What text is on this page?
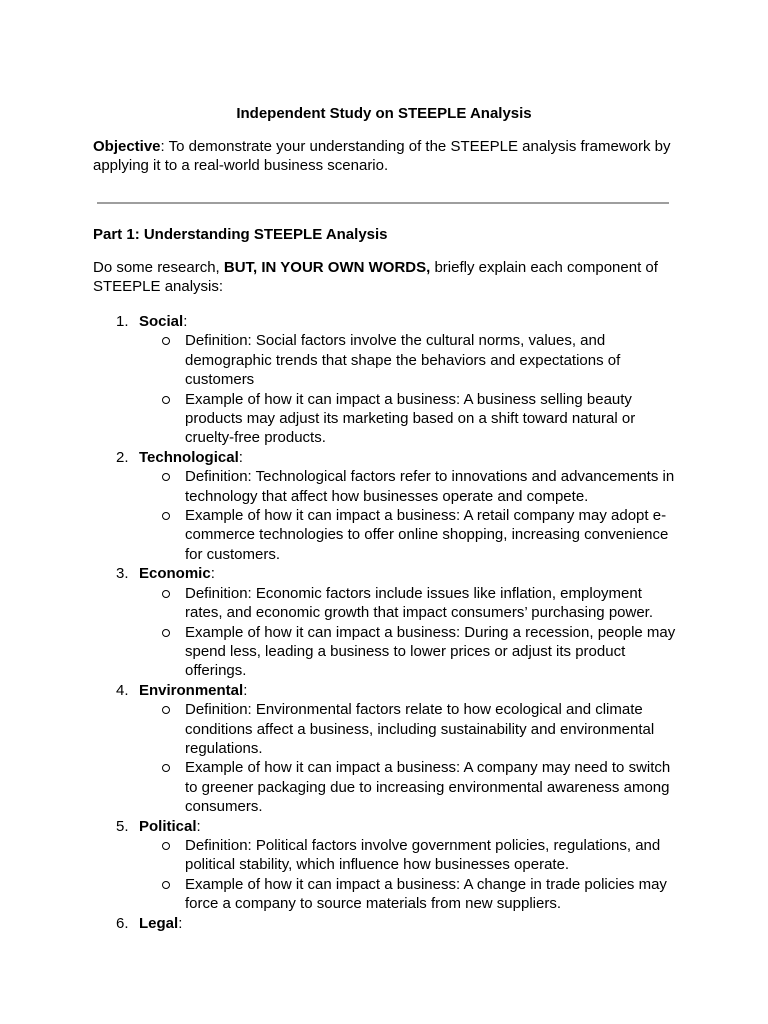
Independent Study on STEEPLE Analysis
Objective: To demonstrate your understanding of the STEEPLE analysis framework by applying it to a real-world business scenario.
Part 1: Understanding STEEPLE Analysis
Do some research, BUT, IN YOUR OWN WORDS, briefly explain each component of STEEPLE analysis:
1. Social:
Definition: Social factors involve the cultural norms, values, and demographic trends that shape the behaviors and expectations of customers
Example of how it can impact a business: A business selling beauty products may adjust its marketing based on a shift toward natural or cruelty-free products.
2. Technological:
Definition: Technological factors refer to innovations and advancements in technology that affect how businesses operate and compete.
Example of how it can impact a business: A retail company may adopt e-commerce technologies to offer online shopping, increasing convenience for customers.
3. Economic:
Definition: Economic factors include issues like inflation, employment rates, and economic growth that impact consumers’ purchasing power.
Example of how it can impact a business: During a recession, people may spend less, leading a business to lower prices or adjust its product offerings.
4. Environmental:
Definition: Environmental factors relate to how ecological and climate conditions affect a business, including sustainability and environmental regulations.
Example of how it can impact a business: A company may need to switch to greener packaging due to increasing environmental awareness among consumers.
5. Political:
Definition: Political factors involve government policies, regulations, and political stability, which influence how businesses operate.
Example of how it can impact a business: A change in trade policies may force a company to source materials from new suppliers.
6. Legal:
